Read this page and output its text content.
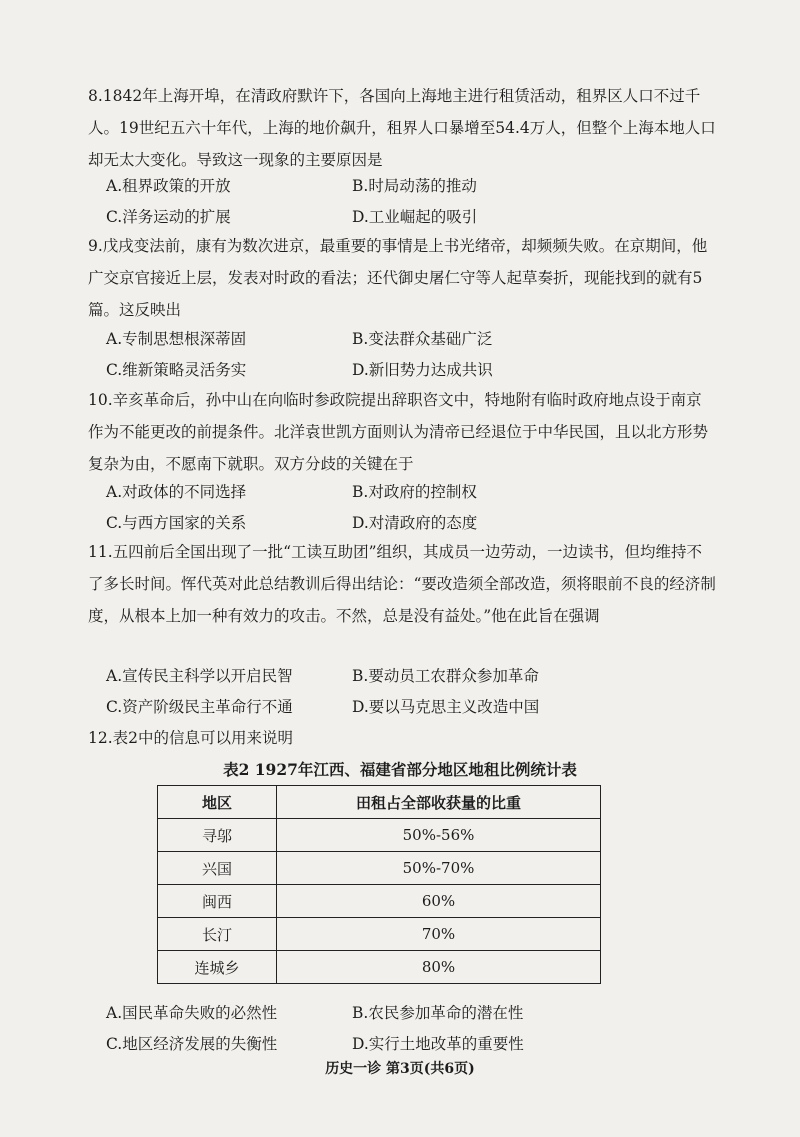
8.1842年上海开埠，在清政府默许下，各国向上海地主进行租赁活动，租界区人口不过千人。19世纪五六十年代，上海的地价飙升，租界人口暴增至54.4万人，但整个上海本地人口却无太大变化。导致这一现象的主要原因是

A.租界政策的开放	B.时局动荡的推动
C.洋务运动的扩展	D.工业崛起的吸引

9.戊戌变法前，康有为数次进京，最重要的事情是上书光绪帝，却频频失败。在京期间，他广交京官接近上层，发表对时政的看法；还代御史屠仁守等人起草奏折，现能找到的就有5篇。这反映出

A.专制思想根深蒂固	B.变法群众基础广泛
C.维新策略灵活务实	D.新旧势力达成共识

10.辛亥革命后，孙中山在向临时参政院提出辞职咨文中，特地附有临时政府地点设于南京作为不能更改的前提条件。北洋袁世凯方面则认为清帝已经退位于中华民国，且以北方形势复杂为由，不愿南下就职。双方分歧的关键在于

A.对政体的不同选择	B.对政府的控制权
C.与西方国家的关系	D.对清政府的态度

11.五四前后全国出现了一批“工读互助团”组织，其成员一边劳动，一边读书，但均维持不了多长时间。恽代英对此总结教训后得出结论：“要改造须全部改造，须将眼前不良的经济制度，从根本上加一种有效力的攻击。不然，总是没有益处。”他在此旨在强调

A.宣传民主科学以开启民智	B.要动员工农群众参加革命
C.资产阶级民主革命行不通	D.要以马克思主义改造中国

12.表2中的信息可以用来说明

表2 1927年江西、福建省部分地区地租比例统计表
地区	田租占全部收获量的比重
寻邬	50%-56%
兴国	50%-70%
闽西	60%
长汀	70%
连城乡	80%
A.国民革命失败的必然性	B.农民参加革命的潜在性
C.地区经济发展的失衡性	D.实行土地改革的重要性
历史一诊 第3页(共6页)
